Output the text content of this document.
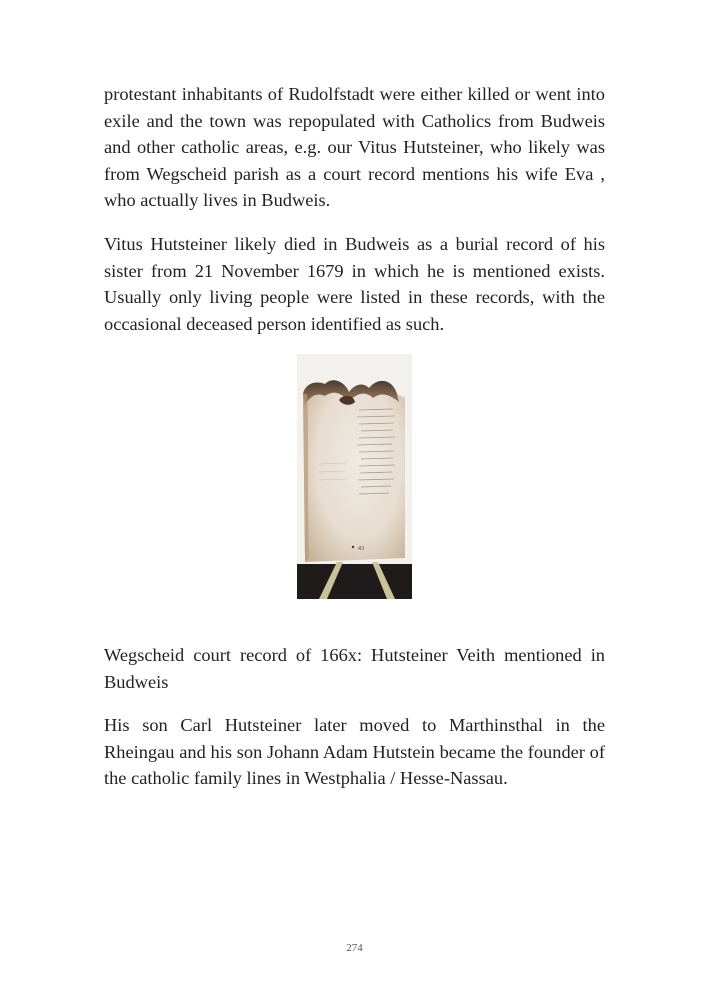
protestant inhabitants of Rudolfstadt were either killed or went into exile and the town was repopulated with Catholics from Budweis and other catholic areas, e.g. our Vitus Hutsteiner, who likely was from Wegscheid parish as a court record mentions his wife Eva , who actually lives in Budweis.

Vitus Hutsteiner likely died in Budweis as a burial record of his sister from 21 November 1679 in which he is mentioned exists. Usually only living people were listed in these records, with the occasional deceased person identified as such.

43

Wegscheid court record of 166x: Hutsteiner Veith mentioned in Budweis

His son Carl Hutsteiner later moved to Marthinsthal in the Rheingau and his son Johann Adam Hutstein became the founder of the catholic family lines in Westphalia / Hesse-Nassau.

274
